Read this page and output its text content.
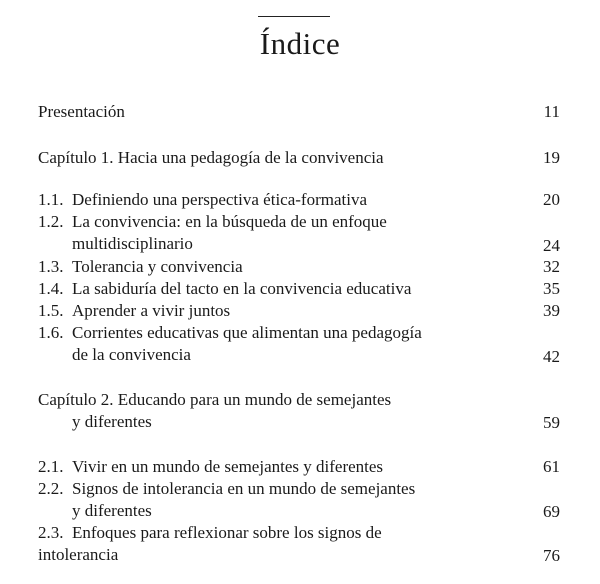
Índice
Presentación	11
Capítulo 1. Hacia una pedagogía de la convivencia	19
1.1. Definiendo una perspectiva ética-formativa	20
1.2. La convivencia: en la búsqueda de un enfoque
multidisciplinario	24
1.3. Tolerancia y convivencia	32
1.4. La sabiduría del tacto en la convivencia educativa	35
1.5. Aprender a vivir juntos	39
1.6. Corrientes educativas que alimentan una pedagogía
de la convivencia	42
Capítulo 2. Educando para un mundo de semejantes
y diferentes	59
2.1. Vivir en un mundo de semejantes y diferentes	61
2.2. Signos de intolerancia en un mundo de semejantes
y diferentes	69
2.3. Enfoques para reflexionar sobre los signos de
intolerancia	76
